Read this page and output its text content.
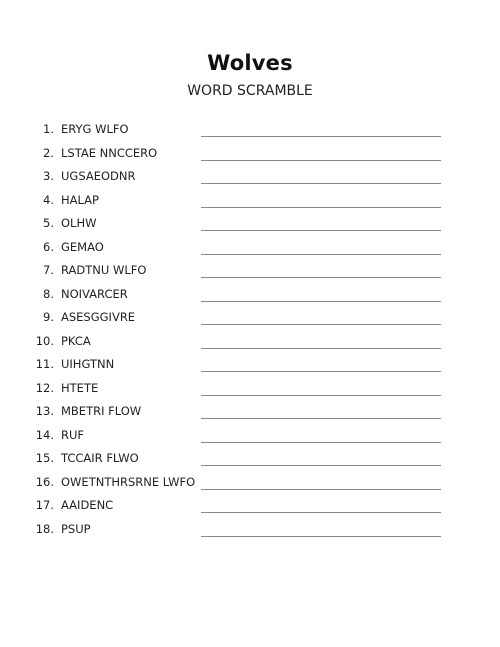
Wolves
WORD SCRAMBLE
1. ERYG WLFO
2. LSTAE NNCCERO
3. UGSAEODNR
4. HALAP
5. OLHW
6. GEMAO
7. RADTNU WLFO
8. NOIVARCER
9. ASESGGIVRE
10. PKCA
11. UIHGTNN
12. HTETE
13. MBETRI FLOW
14. RUF
15. TCCAIR FLWO
16. OWETNTHRSRNE LWFO
17. AAIDENC
18. PSUP
